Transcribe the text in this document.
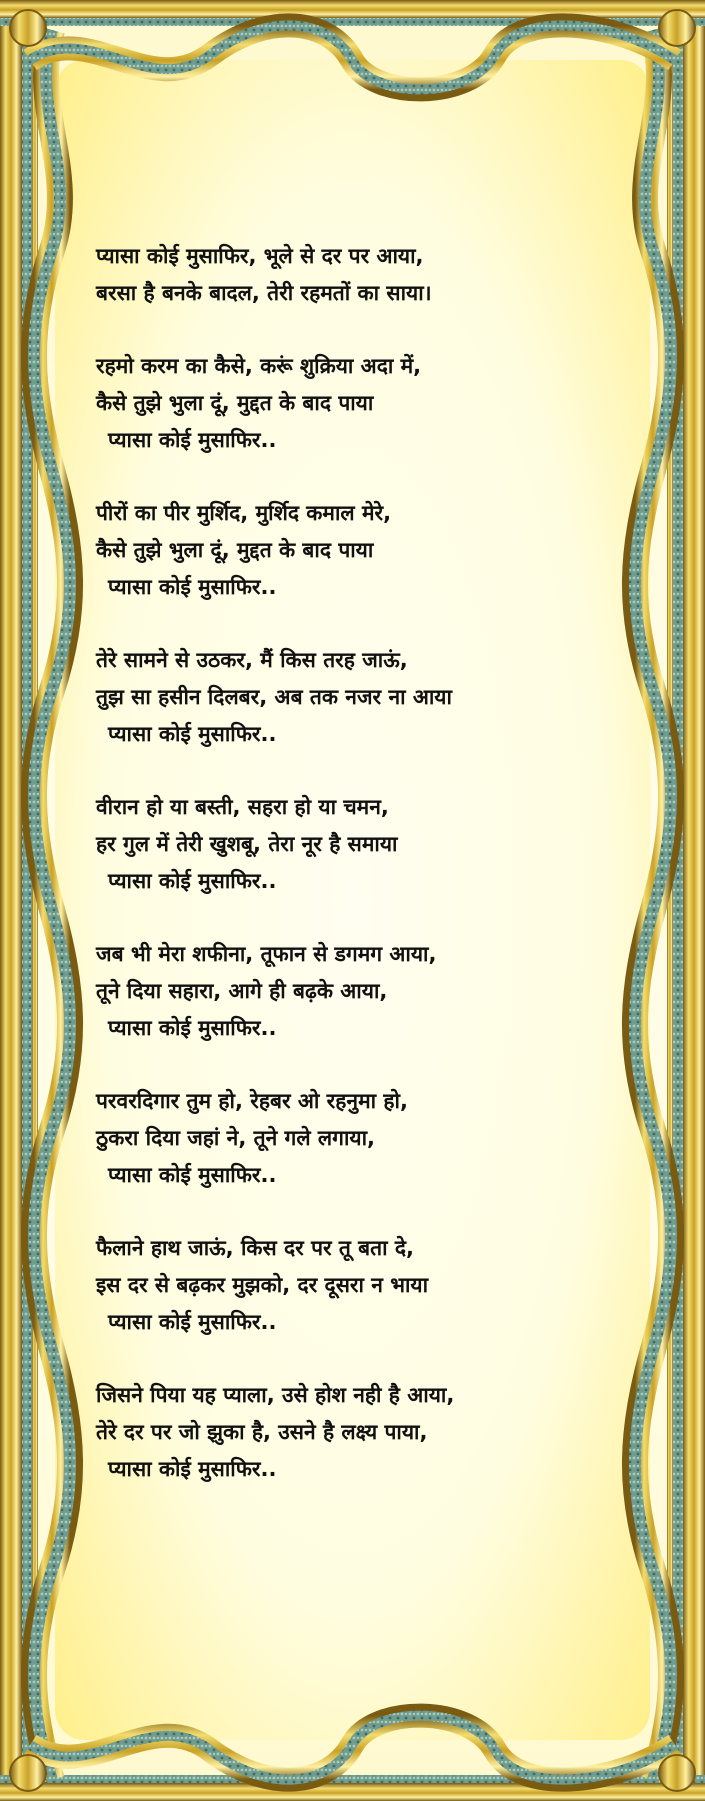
प्यासा कोई मुसाफिर, भूले से दर पर आया,
बरसा है बनके बादल, तेरी रहमतों का साया।
रहमो करम का कैसे, करूं शुक्रिया अदा में,
कैसे तुझे भुला दूं, मुद्दत के बाद पाया
प्यासा कोई मुसाफिर..
पीरों का पीर मुर्शिद, मुर्शिद कमाल मेरे,
कैसे तुझे भुला दूं, मुद्दत के बाद पाया
प्यासा कोई मुसाफिर..
तेरे सामने से उठकर, मैं किस तरह जाऊं,
तुझ सा हसीन दिलबर, अब तक नजर ना आया
प्यासा कोई मुसाफिर..
वीरान हो या बस्ती, सहरा हो या चमन,
हर गुल में तेरी खुशबू, तेरा नूर है समाया
प्यासा कोई मुसाफिर..
जब भी मेरा शफीना, तूफान से डगमग आया,
तूने दिया सहारा, आगे ही बढ़के आया,
प्यासा कोई मुसाफिर..
परवरदिगार तुम हो, रेहबर ओ रहनुमा हो,
ठुकरा दिया जहां ने, तूने गले लगाया,
प्यासा कोई मुसाफिर..
फैलाने हाथ जाऊं, किस दर पर तू बता दे,
इस दर से बढ़कर मुझको, दर दूसरा न भाया
प्यासा कोई मुसाफिर..
जिसने पिया यह प्याला, उसे होश नही है आया,
तेरे दर पर जो झुका है, उसने है लक्ष्य पाया,
प्यासा कोई मुसाफिर..
